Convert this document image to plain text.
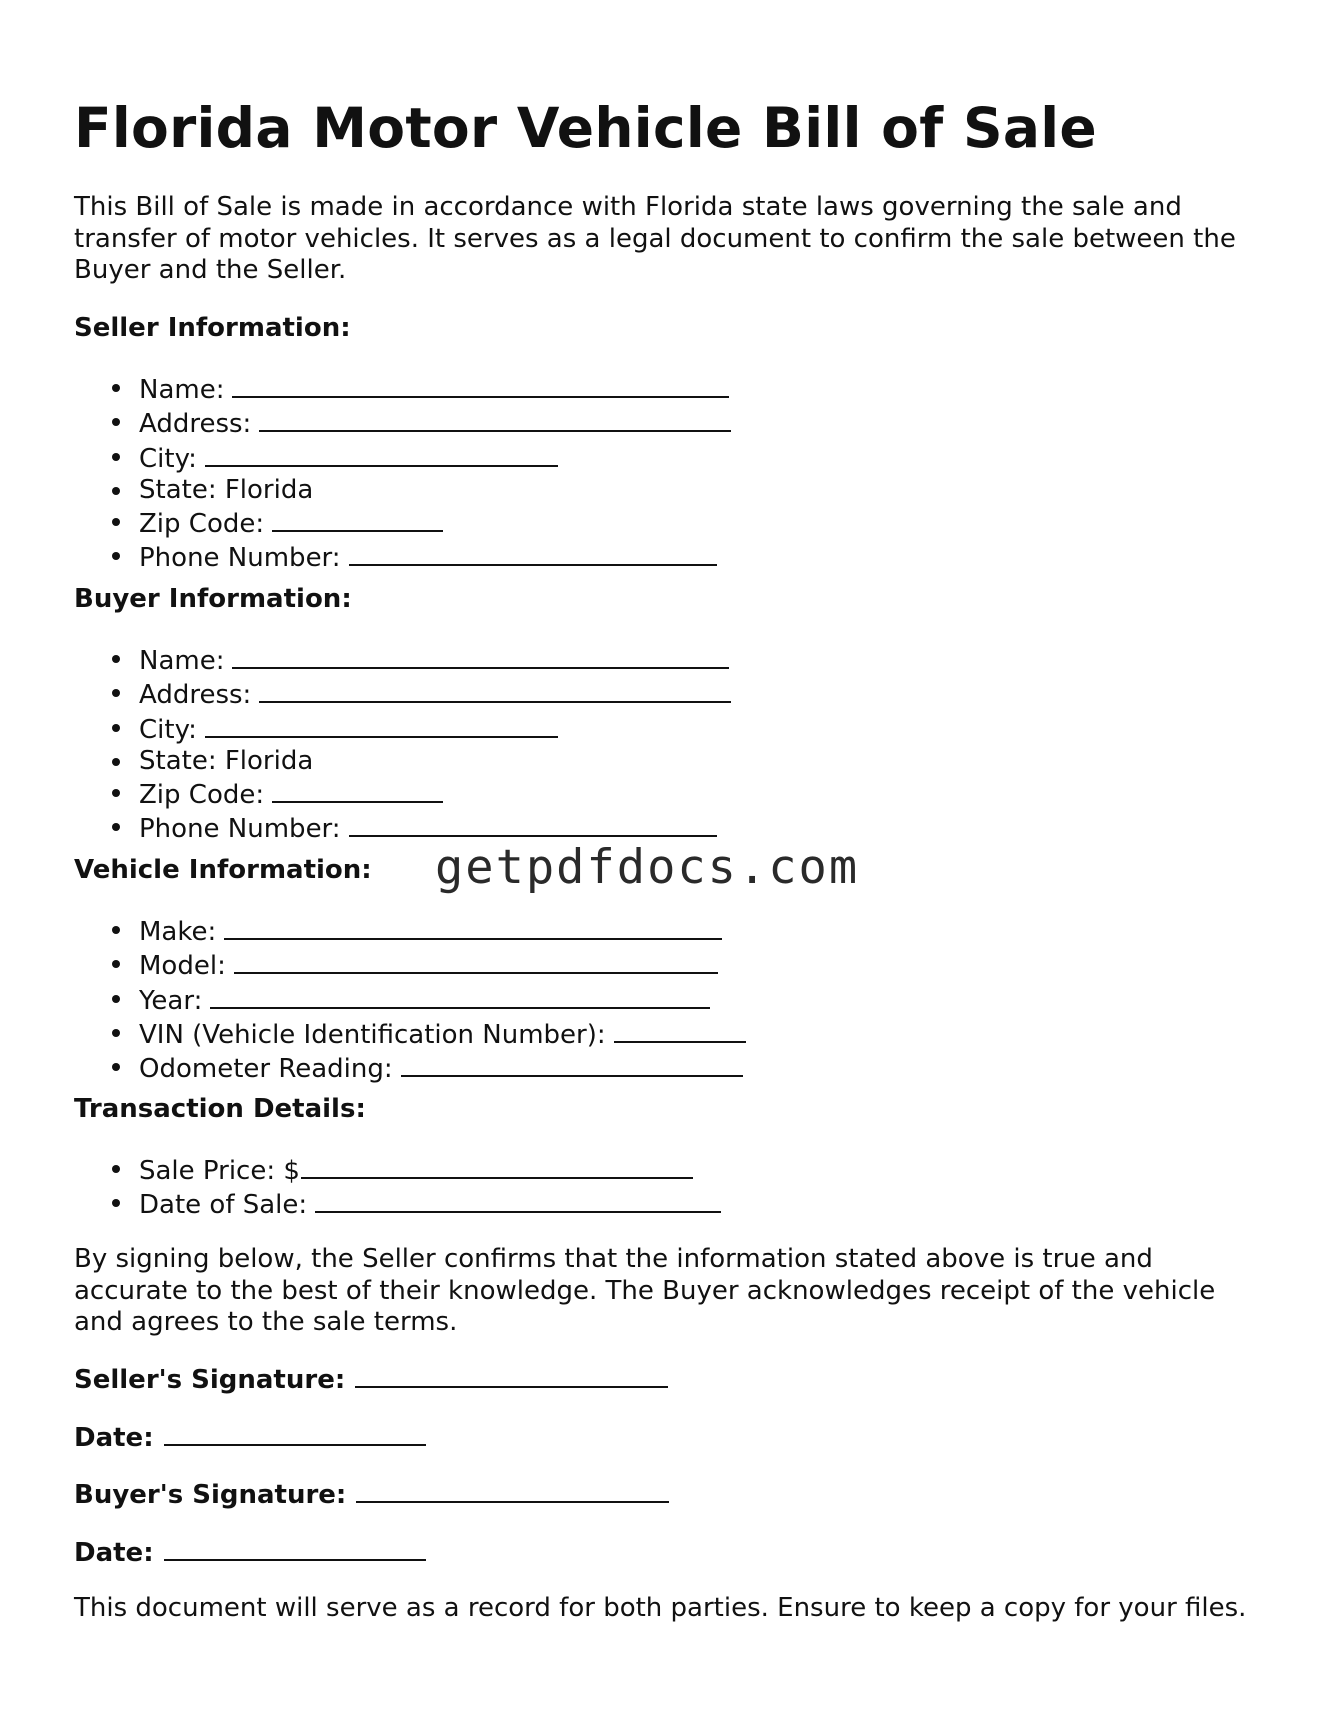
Florida Motor Vehicle Bill of Sale

This Bill of Sale is made in accordance with Florida state laws governing the sale and transfer of motor vehicles. It serves as a legal document to confirm the sale between the Buyer and the Seller.

Seller Information:

Name:
Address:
City:
State: Florida
Zip Code:
Phone Number:

Buyer Information:

Name:
Address:
City:
State: Florida
Zip Code:
Phone Number:

Vehicle Information:

Make:
Model:
Year:
VIN (Vehicle Identification Number):
Odometer Reading:

Transaction Details:

Sale Price: $
Date of Sale:

By signing below, the Seller confirms that the information stated above is true and accurate to the best of their knowledge. The Buyer acknowledges receipt of the vehicle and agrees to the sale terms.

Seller's Signature:

Date:

Buyer's Signature:

Date:

This document will serve as a record for both parties. Ensure to keep a copy for your files.

getpdfdocs.com
